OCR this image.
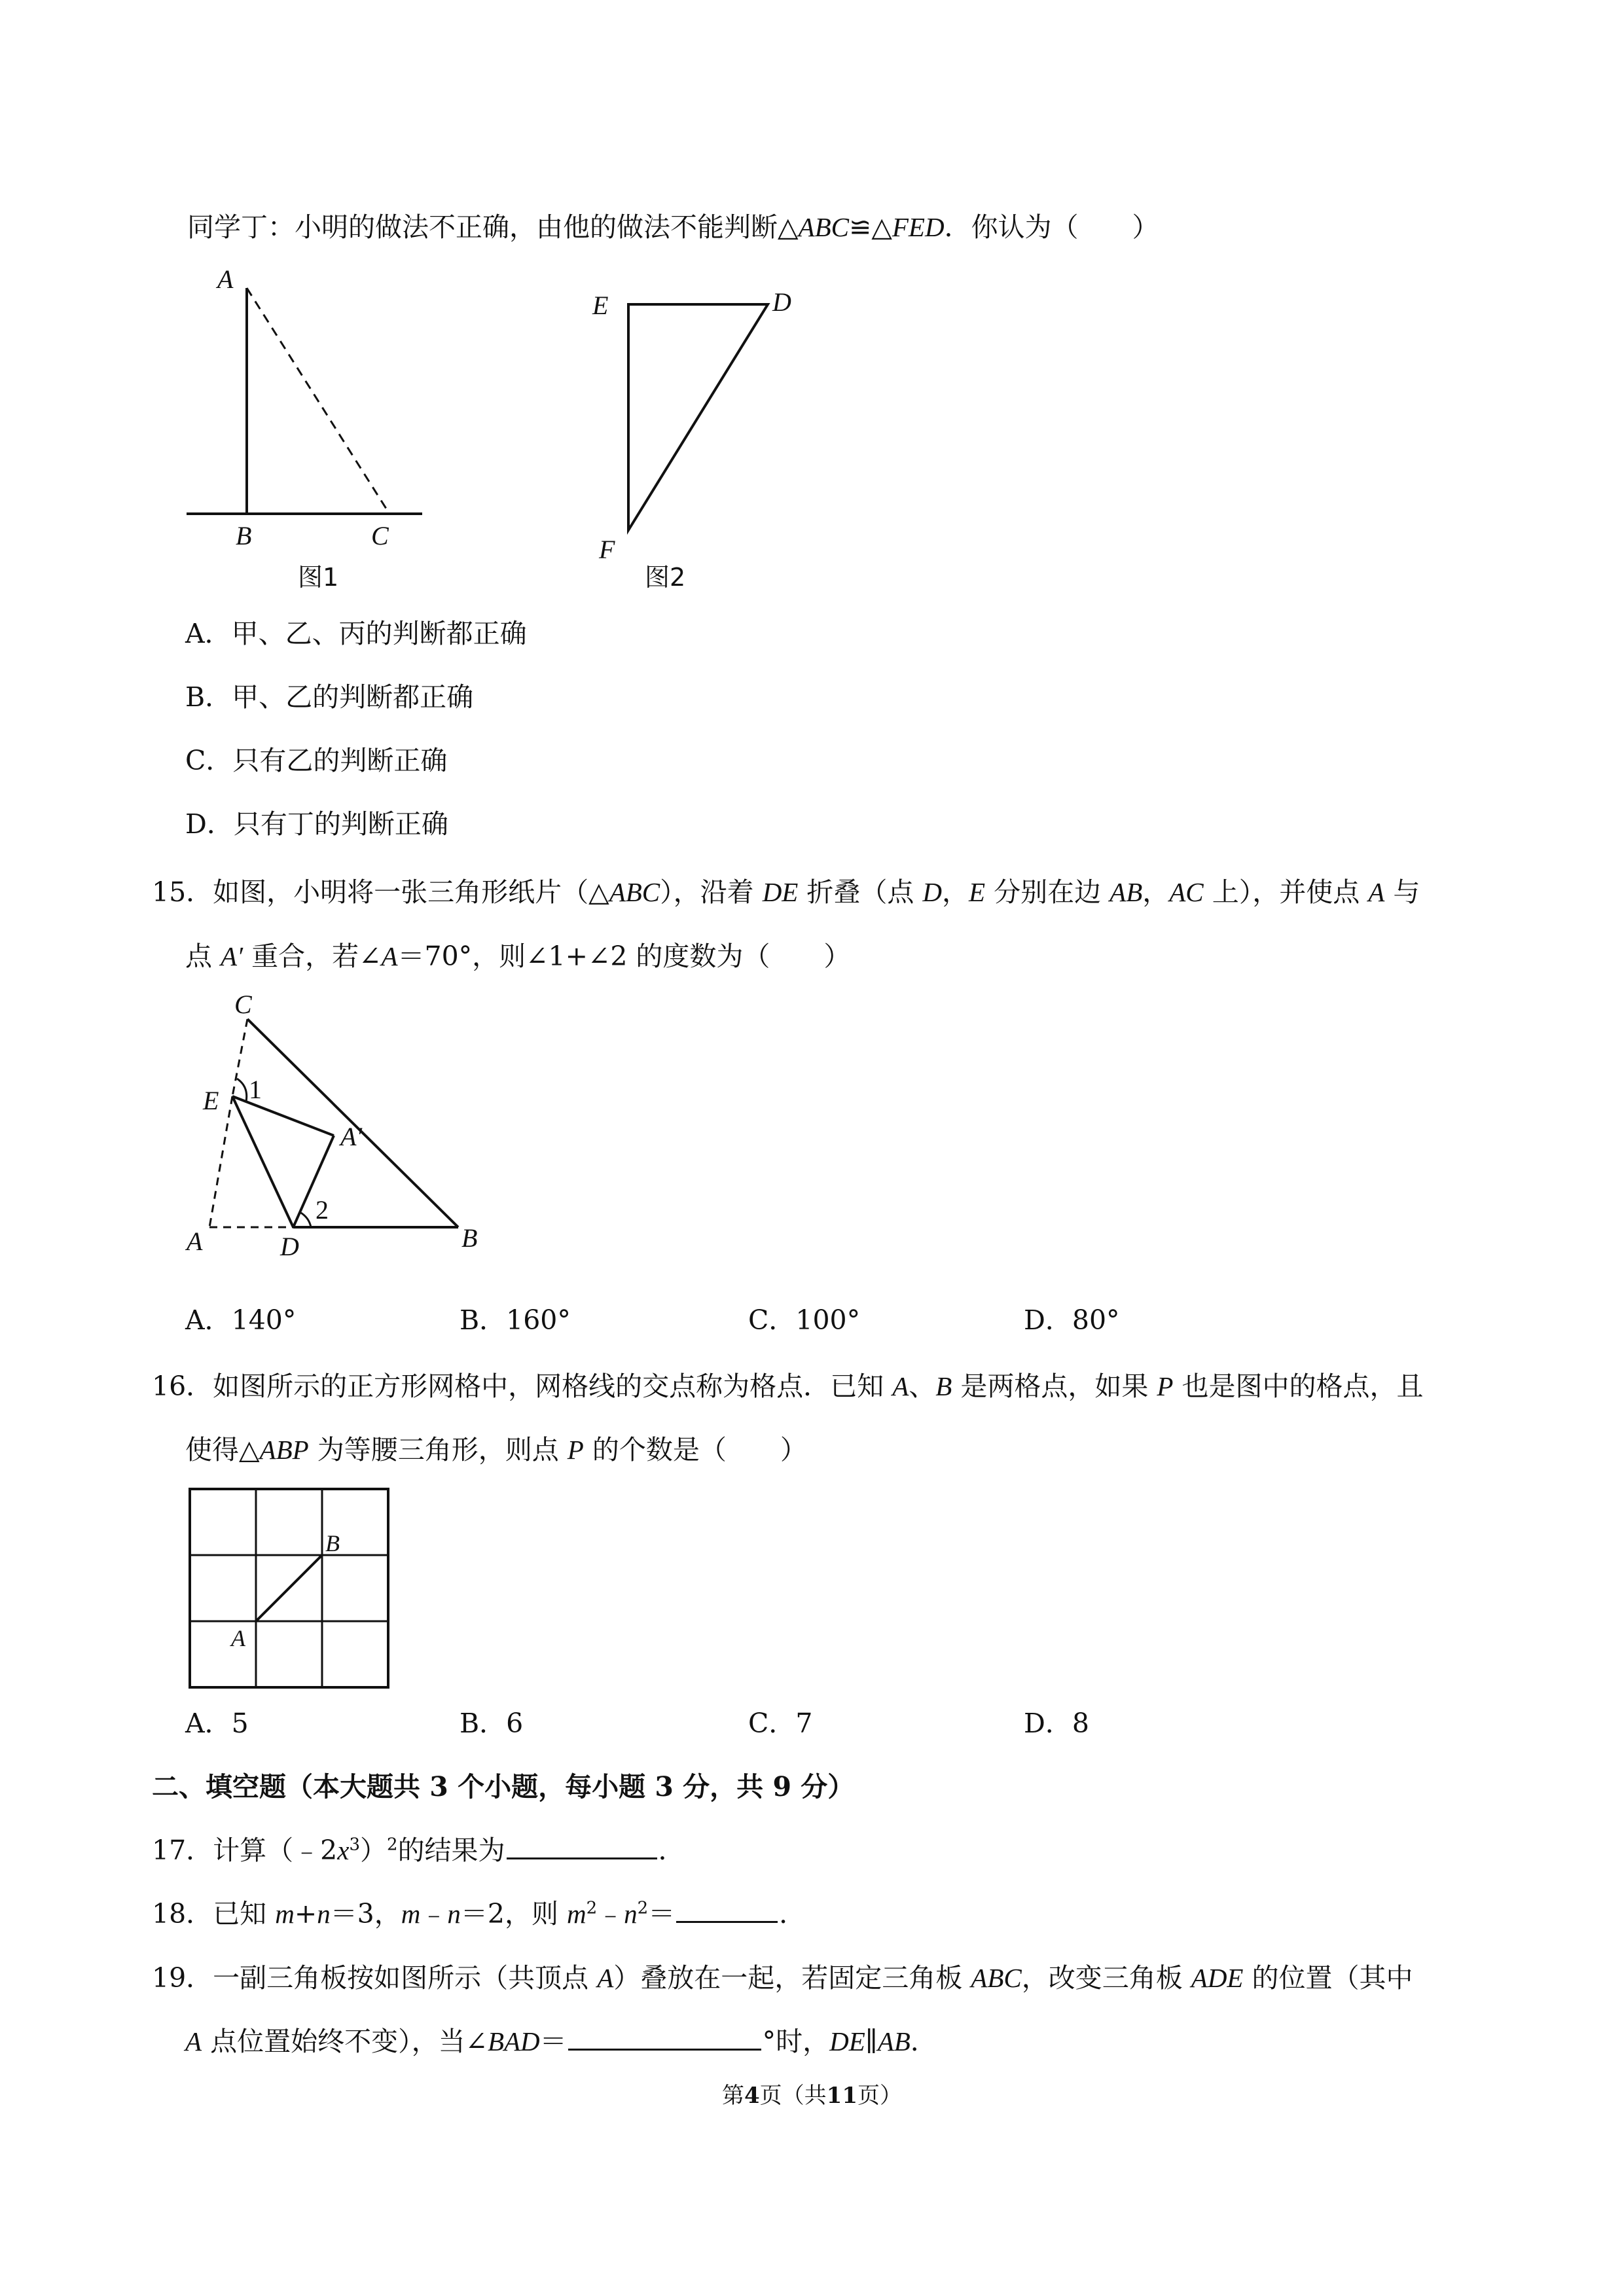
同学丁：小明的做法不正确，由他的做法不能判断△ABC≌△FED．你认为（　　）
A
B	C
图1
E	D
F
图2
A．甲、乙、丙的判断都正确
B．甲、乙的判断都正确
C．只有乙的判断正确
D．只有丁的判断正确
15．如图，小明将一张三角形纸片（△ABC），沿着 DE 折叠（点 D，E 分别在边 AB，AC 上），并使点 A 与
点 A′ 重合，若∠A＝70°，则∠1+∠2 的度数为（　　）
C
E 1
A′
2
A	D	B
A．140°	B．160°	C．100°	D．80°
16．如图所示的正方形网格中，网格线的交点称为格点．已知 A、B 是两格点，如果 P 也是图中的格点，且
使得△ABP 为等腰三角形，则点 P 的个数是（　　）
A
B
A．5	B．6	C．7	D．8
二、填空题（本大题共 3 个小题，每小题 3 分，共 9 分）
17．计算$(﹣2x^3)^2$的结果为	．
18．已知 m+n＝3，m﹣n＝2，则 $m^2﹣n^2=$	．
19．一副三角板按如图所示（共顶点 A）叠放在一起，若固定三角板 ABC，改变三角板 ADE 的位置（其中
A 点位置始终不变），当∠BAD＝	°时，DE∥AB．
第4页（共11页）
